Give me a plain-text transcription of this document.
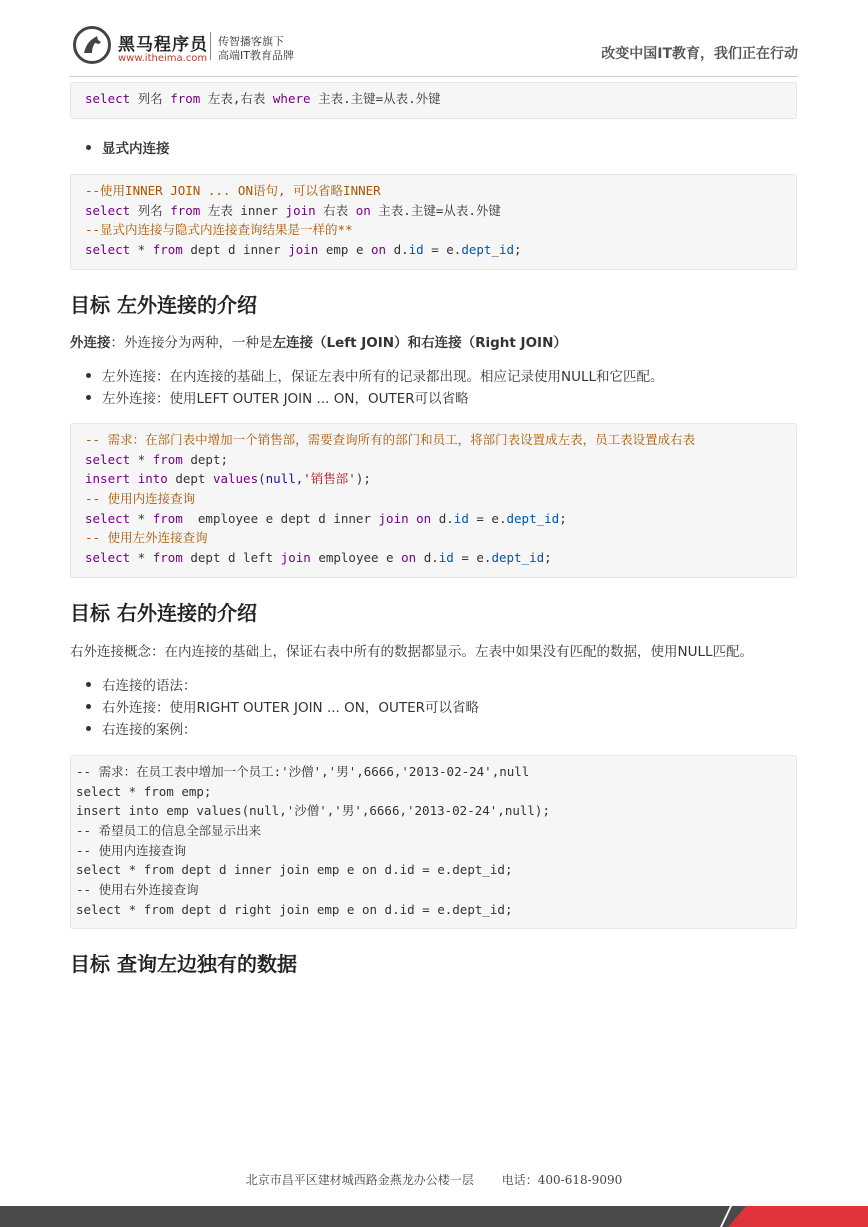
黑马程序员
www.itheima.com
传智播客旗下
高端IT教育品牌	改变中国IT教育，我们正在行动
select 列名 from 左表,右表 where 主表.主键=从表.外键
显式内连接
--使用INNER JOIN ... ON语句, 可以省略INNER
select 列名 from 左表 inner join 右表 on 主表.主键=从表.外键
--显式内连接与隐式内连接查询结果是一样的**
select * from dept d inner join emp e on d.id = e.dept_id;
目标 左外连接的介绍
外连接：外连接分为两种，一种是左连接（Left JOIN）和右连接（Right JOIN）
左外连接：在内连接的基础上，保证左表中所有的记录都出现。相应记录使用NULL和它匹配。
左外连接：使用LEFT OUTER JOIN ... ON，OUTER可以省略
-- 需求：在部门表中增加一个销售部，需要查询所有的部门和员工，将部门表设置成左表，员工表设置成右表
select * from dept;
insert into dept values(null,'销售部');
-- 使用内连接查询
select * from  employee e dept d inner join on d.id = e.dept_id;
-- 使用左外连接查询
select * from dept d left join employee e on d.id = e.dept_id;
目标 右外连接的介绍
右外连接概念：在内连接的基础上，保证右表中所有的数据都显示。左表中如果没有匹配的数据，使用NULL匹配。
右连接的语法：
右外连接：使用RIGHT OUTER JOIN ... ON，OUTER可以省略
右连接的案例：
-- 需求：在员工表中增加一个员工:'沙僧','男',6666,'2013-02-24',null
select * from emp;
insert into emp values(null,'沙僧','男',6666,'2013-02-24',null);
-- 希望员工的信息全部显示出来
-- 使用内连接查询
select * from dept d inner join emp e on d.id = e.dept_id;
-- 使用右外连接查询
select * from dept d right join emp e on d.id = e.dept_id;
目标 查询左边独有的数据
北京市昌平区建材城西路金燕龙办公楼一层 电话：400-618-9090
